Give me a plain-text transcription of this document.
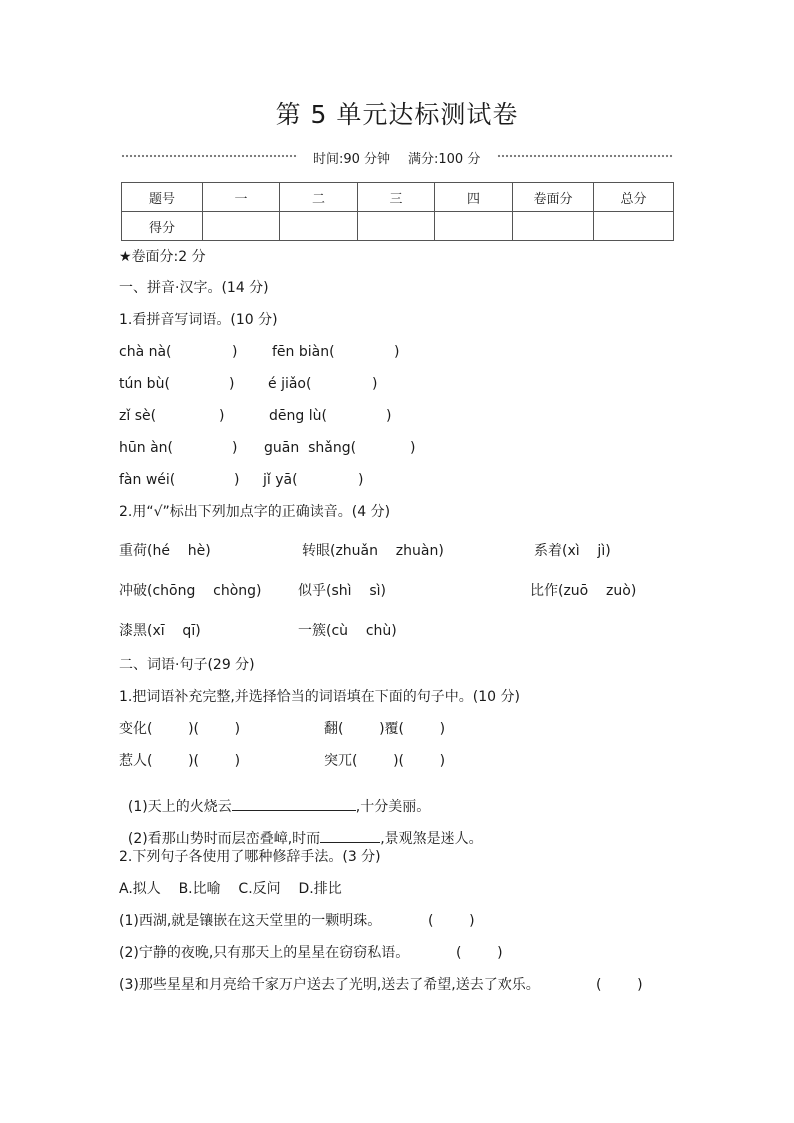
第 5 单元达标测试卷
时间:90 分钟 满分:100 分
题号	一	二	三	四	卷面分	总分
得分						
★卷面分:2 分
一、拼音·汉字。(14 分)
1.看拼音写词语。(10 分)
chà nà(	) fēn biàn(	)
tún bù(	) é jiǎo(	)
zǐ sè(	)	dēng lù(	)
hūn àn(	) guān  shǎng(	)
fàn wéi(	) jǐ yā(	)
2.用“√”标出下列加点字的正确读音。(4 分)
重荷(hé    hè)	转眼(zhuǎn    zhuàn)	系着(xì    jì)
冲破(chōng    chòng)	似乎(shì    sì)	比作(zuō    zuò)
漆黑(xī    qī)	一簇(cù    chù)
二、词语·句子(29 分)
1.把词语补充完整,并选择恰当的词语填在下面的句子中。(10 分)
变化(        )(        )	翻(        )覆(        )
惹人(        )(        )	突兀(        )(        )

(1)天上的火烧云	,十分美丽。

(2)看那山势时而层峦叠嶂,时而	,景观煞是迷人。

2.下列句子各使用了哪种修辞手法。(3 分)
A.拟人    B.比喻    C.反问    D.排比
(1)西湖,就是镶嵌在这天堂里的一颗明珠。	(        )
(2)宁静的夜晚,只有那天上的星星在窃窃私语。	(        )
(3)那些星星和月亮给千家万户送去了光明,送去了希望,送去了欢乐。	(        )
